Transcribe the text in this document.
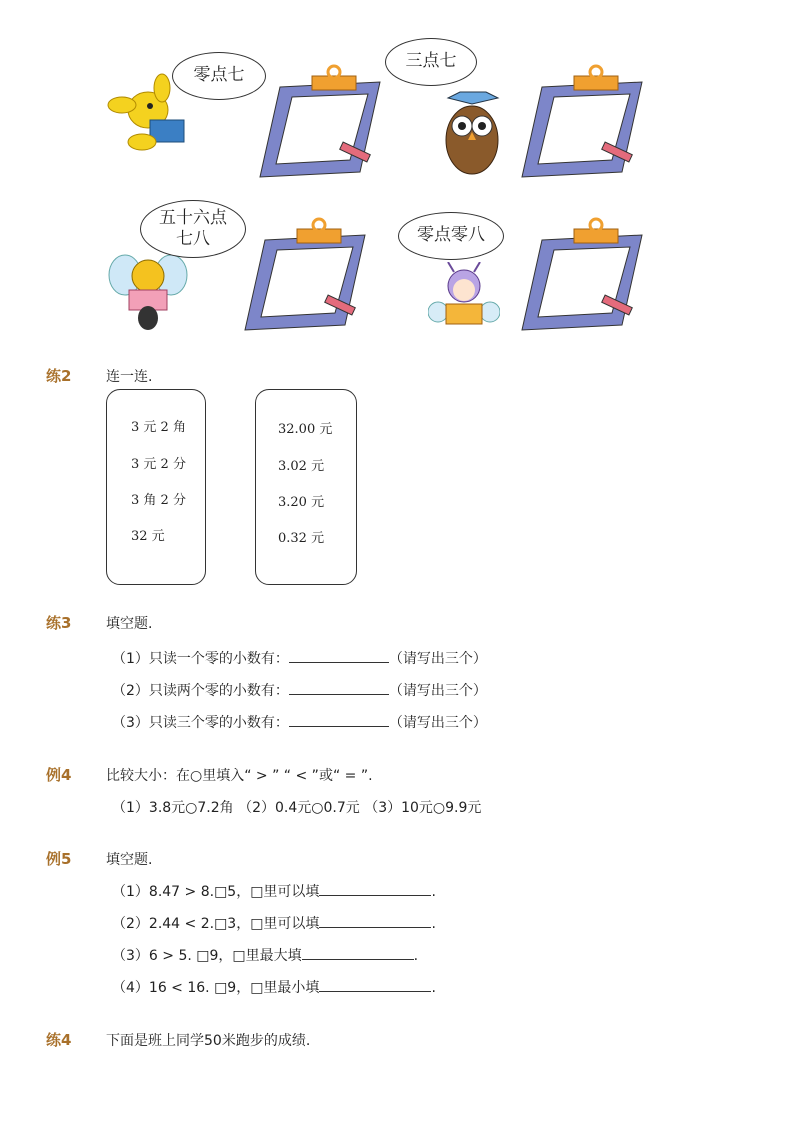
零点七
三点七
五十六点
七八	零点零八
练2 连一连.
3 元 2 角
3 元 2 分
3 角 2 分
32 元
32.00 元
3.02 元
3.20 元
0.32 元
练3 填空题.
（1）只读一个零的小数有：	（请写出三个）
（2）只读两个零的小数有：	（请写出三个）
（3）只读三个零的小数有：	（请写出三个）
例4 比较大小：在○里填入“ > ” “ < ”或“ = ”.
（1）3.8元○7.2角 （2）0.4元○0.7元 （3）10元○9.9元
例5 填空题.
（1）8.47 > 8.□5，□里可以填	.
（2）2.44 < 2.□3，□里可以填	.
（3）6 > 5. □9，□里最大填	.
（4）16 < 16. □9，□里最小填	.
练4 下面是班上同学50米跑步的成绩.
